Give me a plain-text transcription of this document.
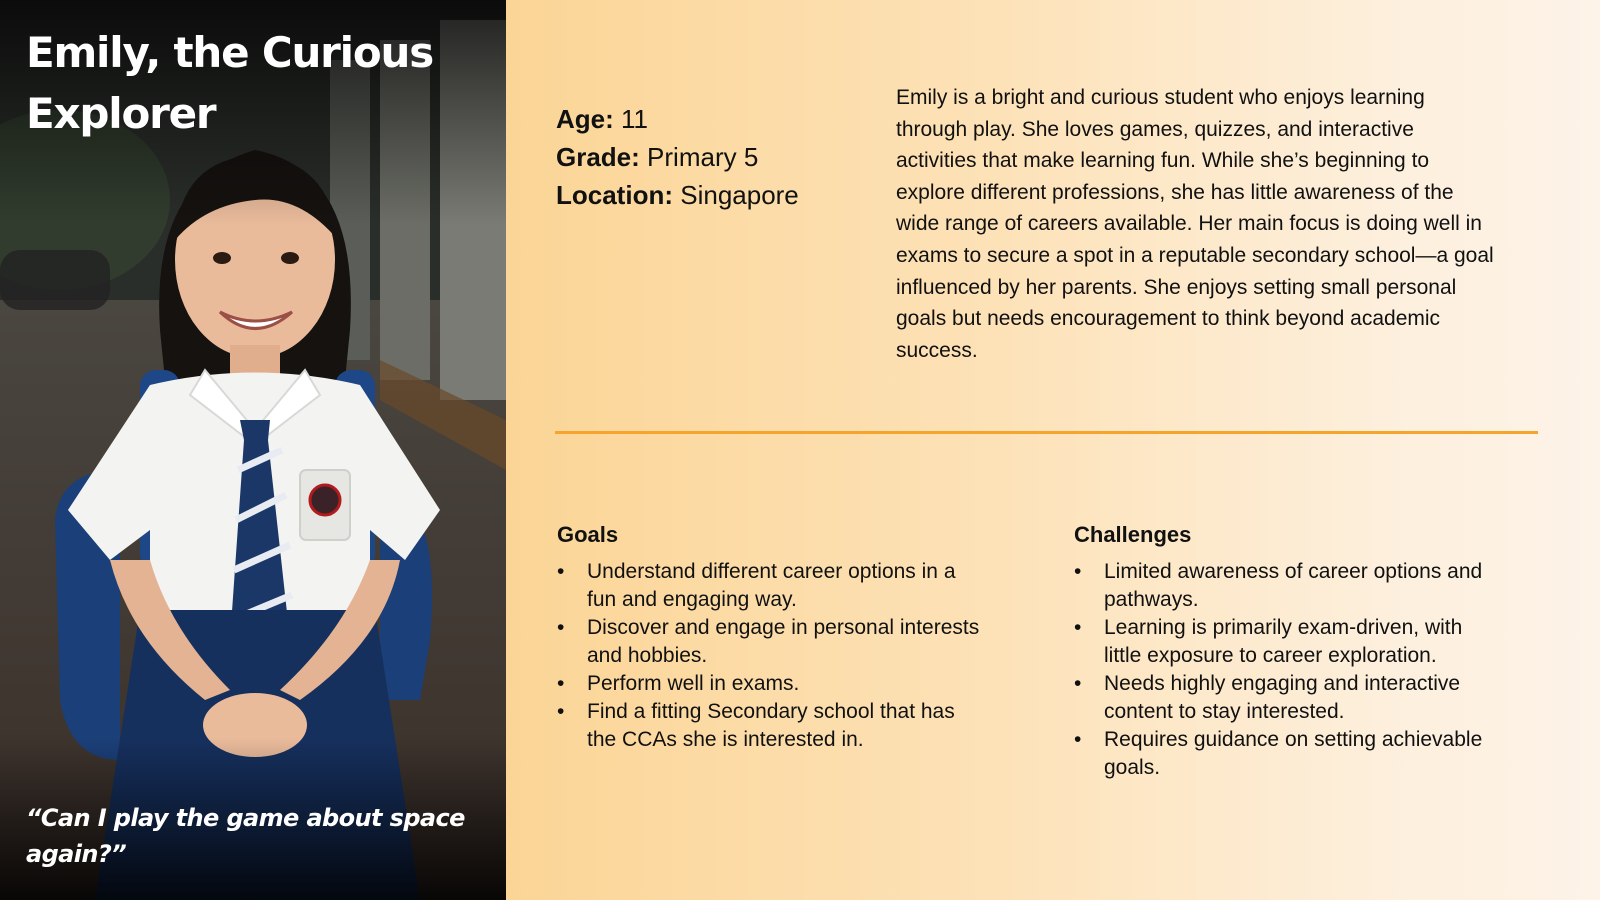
Emily, the Curious Explorer

“Can I play the game about space again?”

Age: 11
Grade: Primary 5
Location: Singapore

Emily is a bright and curious student who enjoys learning through play. She loves games, quizzes, and interactive activities that make learning fun. While she’s beginning to explore different professions, she has little awareness of the wide range of careers available. Her main focus is doing well in exams to secure a spot in a reputable secondary school—a goal influenced by her parents. She enjoys setting small personal goals but needs encouragement to think beyond academic success.

Goals
• Understand different career options in a fun and engaging way.
• Discover and engage in personal interests and hobbies.
• Perform well in exams.
• Find a fitting Secondary school that has the CCAs she is interested in.
Challenges
• Limited awareness of career options and pathways.
• Learning is primarily exam-driven, with little exposure to career exploration.
• Needs highly engaging and interactive content to stay interested.
• Requires guidance on setting achievable goals.
